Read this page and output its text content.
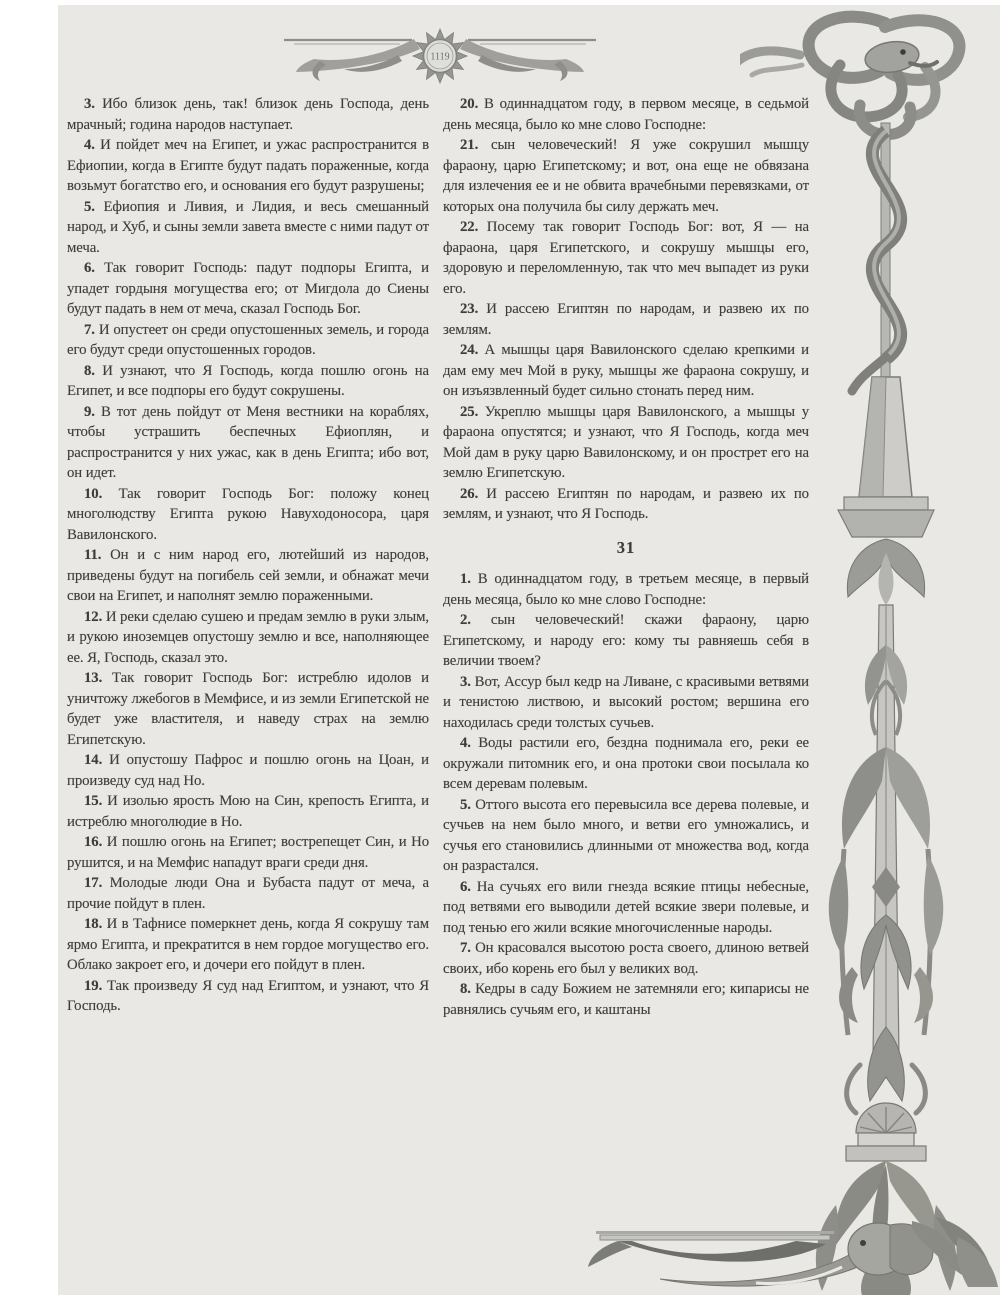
1119

3. Ибо близок день, так! близок день Господа, день мрачный; година народов наступает.

4. И пойдет меч на Египет, и ужас распространится в Ефиопии, когда в Египте будут падать пораженные, когда возьмут богатство его, и основания его будут разрушены;

5. Ефиопия и Ливия, и Лидия, и весь смешанный народ, и Хуб, и сыны земли завета вместе с ними падут от меча.

6. Так говорит Господь: падут подпоры Египта, и упадет гордыня могущества его; от Мигдола до Сиены будут падать в нем от меча, сказал Господь Бог.

7. И опустеет он среди опустошенных земель, и города его будут среди опустошенных городов.

8. И узнают, что Я Господь, когда пошлю огонь на Египет, и все подпоры его будут сокрушены.

9. В тот день пойдут от Меня вестники на кораблях, чтобы устрашить беспечных Ефиоплян, и распространится у них ужас, как в день Египта; ибо вот, он идет.

10. Так говорит Господь Бог: положу конец многолюдству Египта рукою Навуходоносора, царя Вавилонского.

11. Он и с ним народ его, лютейший из народов, приведены будут на погибель сей земли, и обнажат мечи свои на Египет, и наполнят землю пораженными.

12. И реки сделаю сушею и предам землю в руки злым, и рукою иноземцев опустошу землю и все, наполняющее ее. Я, Господь, сказал это.

13. Так говорит Господь Бог: истреблю идолов и уничтожу лжебогов в Мемфисе, и из земли Египетской не будет уже властителя, и наведу страх на землю Египетскую.

14. И опустошу Пафрос и пошлю огонь на Цоан, и произведу суд над Но.

15. И изолью ярость Мою на Син, крепость Египта, и истреблю многолюдие в Но.

16. И пошлю огонь на Египет; вострепещет Син, и Но рушится, и на Мемфис нападут враги среди дня.

17. Молодые люди Она и Бубаста падут от меча, а прочие пойдут в плен.

18. И в Тафнисе померкнет день, когда Я сокрушу там ярмо Египта, и прекратится в нем гордое могущество его. Облако закроет его, и дочери его пойдут в плен.

19. Так произведу Я суд над Египтом, и узнают, что Я Господь.

20. В одиннадцатом году, в первом месяце, в седьмой день месяца, было ко мне слово Господне:

21. сын человеческий! Я уже сокрушил мышцу фараону, царю Египетскому; и вот, она еще не обвязана для излечения ее и не обвита врачебными перевязками, от которых она получила бы силу держать меч.

22. Посему так говорит Господь Бог: вот, Я — на фараона, царя Египетского, и сокрушу мышцы его, здоровую и переломленную, так что меч выпадет из руки его.

23. И рассею Египтян по народам, и развею их по землям.

24. А мышцы царя Вавилонского сделаю крепкими и дам ему меч Мой в руку, мышцы же фараона сокрушу, и он изъязвленный будет сильно стонать перед ним.

25. Укреплю мышцы царя Вавилонского, а мышцы у фараона опустятся; и узнают, что Я Господь, когда меч Мой дам в руку царю Вавилонскому, и он прострет его на землю Египетскую.

26. И рассею Египтян по народам, и развею их по землям, и узнают, что Я Господь.

31

1. В одиннадцатом году, в третьем месяце, в первый день месяца, было ко мне слово Господне:

2. сын человеческий! скажи фараону, царю Египетскому, и народу его: кому ты равняешь себя в величии твоем?

3. Вот, Ассур был кедр на Ливане, с красивыми ветвями и тенистою листвою, и высокий ростом; вершина его находилась среди толстых сучьев.

4. Воды растили его, бездна поднимала его, реки ее окружали питомник его, и она протоки свои посылала ко всем деревам полевым.

5. Оттого высота его перевысила все дерева полевые, и сучьев на нем было много, и ветви его умножались, и сучья его становились длинными от множества вод, когда он разрастался.

6. На сучьях его вили гнезда всякие птицы небесные, под ветвями его выводили детей всякие звери полевые, и под тенью его жили всякие многочисленные народы.

7. Он красовался высотою роста своего, длиною ветвей своих, ибо корень его был у великих вод.

8. Кедры в саду Божием не затемняли его; кипарисы не равнялись сучьям его, и каштаны
